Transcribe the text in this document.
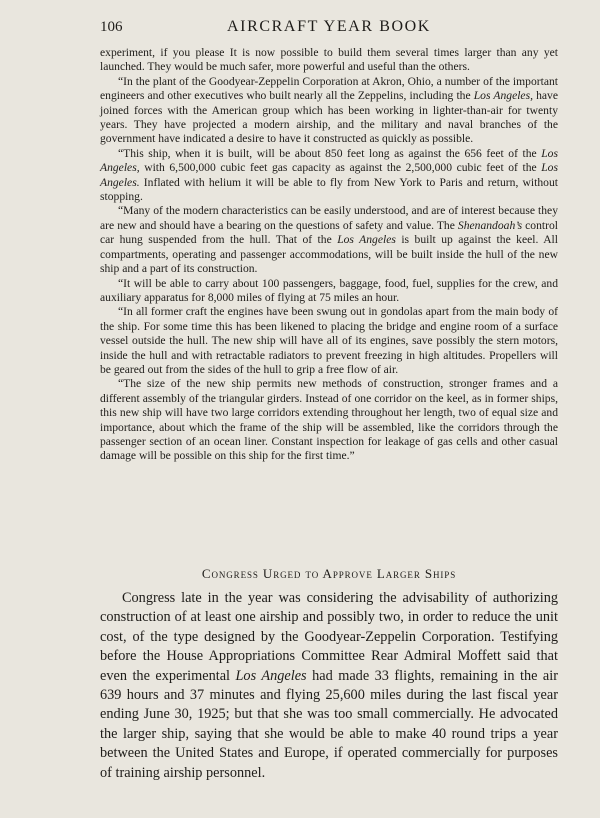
106	AIRCRAFT YEAR BOOK

experiment, if you please It is now possible to build them several times larger than any yet launched. They would be much safer, more powerful and useful than the others.

“In the plant of the Goodyear-Zeppelin Corporation at Akron, Ohio, a number of the important engineers and other executives who built nearly all the Zeppelins, including the Los Angeles, have joined forces with the American group which has been working in lighter-than-air for twenty years. They have projected a modern airship, and the military and naval branches of the government have indicated a desire to have it constructed as quickly as possible.

“This ship, when it is built, will be about 850 feet long as against the 656 feet of the Los Angeles, with 6,500,000 cubic feet gas capacity as against the 2,500,000 cubic feet of the Los Angeles. Inflated with helium it will be able to fly from New York to Paris and return, without stopping.

“Many of the modern characteristics can be easily understood, and are of interest because they are new and should have a bearing on the questions of safety and value. The Shenandoah’s control car hung suspended from the hull. That of the Los Angeles is built up against the keel. All compartments, operating and passenger accommodations, will be built inside the hull of the new ship and a part of its construction.

“It will be able to carry about 100 passengers, baggage, food, fuel, supplies for the crew, and auxiliary apparatus for 8,000 miles of flying at 75 miles an hour.

“In all former craft the engines have been swung out in gondolas apart from the main body of the ship. For some time this has been likened to placing the bridge and engine room of a surface vessel outside the hull. The new ship will have all of its engines, save possibly the stern motors, inside the hull and with retractable radiators to prevent freezing in high altitudes. Propellers will be geared out from the sides of the hull to grip a free flow of air.

“The size of the new ship permits new methods of construction, stronger frames and a different assembly of the triangular girders. Instead of one corridor on the keel, as in former ships, this new ship will have two large corridors extending throughout her length, two of equal size and importance, about which the frame of the ship will be assembled, like the corridors through the passenger section of an ocean liner. Constant inspection for leakage of gas cells and other casual damage will be possible on this ship for the first time.”

Congress Urged to Approve Larger Ships

Congress late in the year was considering the advisability of authorizing construction of at least one airship and possibly two, in order to reduce the unit cost, of the type designed by the Goodyear-Zeppelin Corporation. Testifying before the House Appropriations Committee Rear Admiral Moffett said that even the experimental Los Angeles had made 33 flights, remaining in the air 639 hours and 37 minutes and flying 25,600 miles during the last fiscal year ending June 30, 1925; but that she was too small commercially. He advocated the larger ship, saying that she would be able to make 40 round trips a year between the United States and Europe, if operated commercially for purposes of training airship personnel.
